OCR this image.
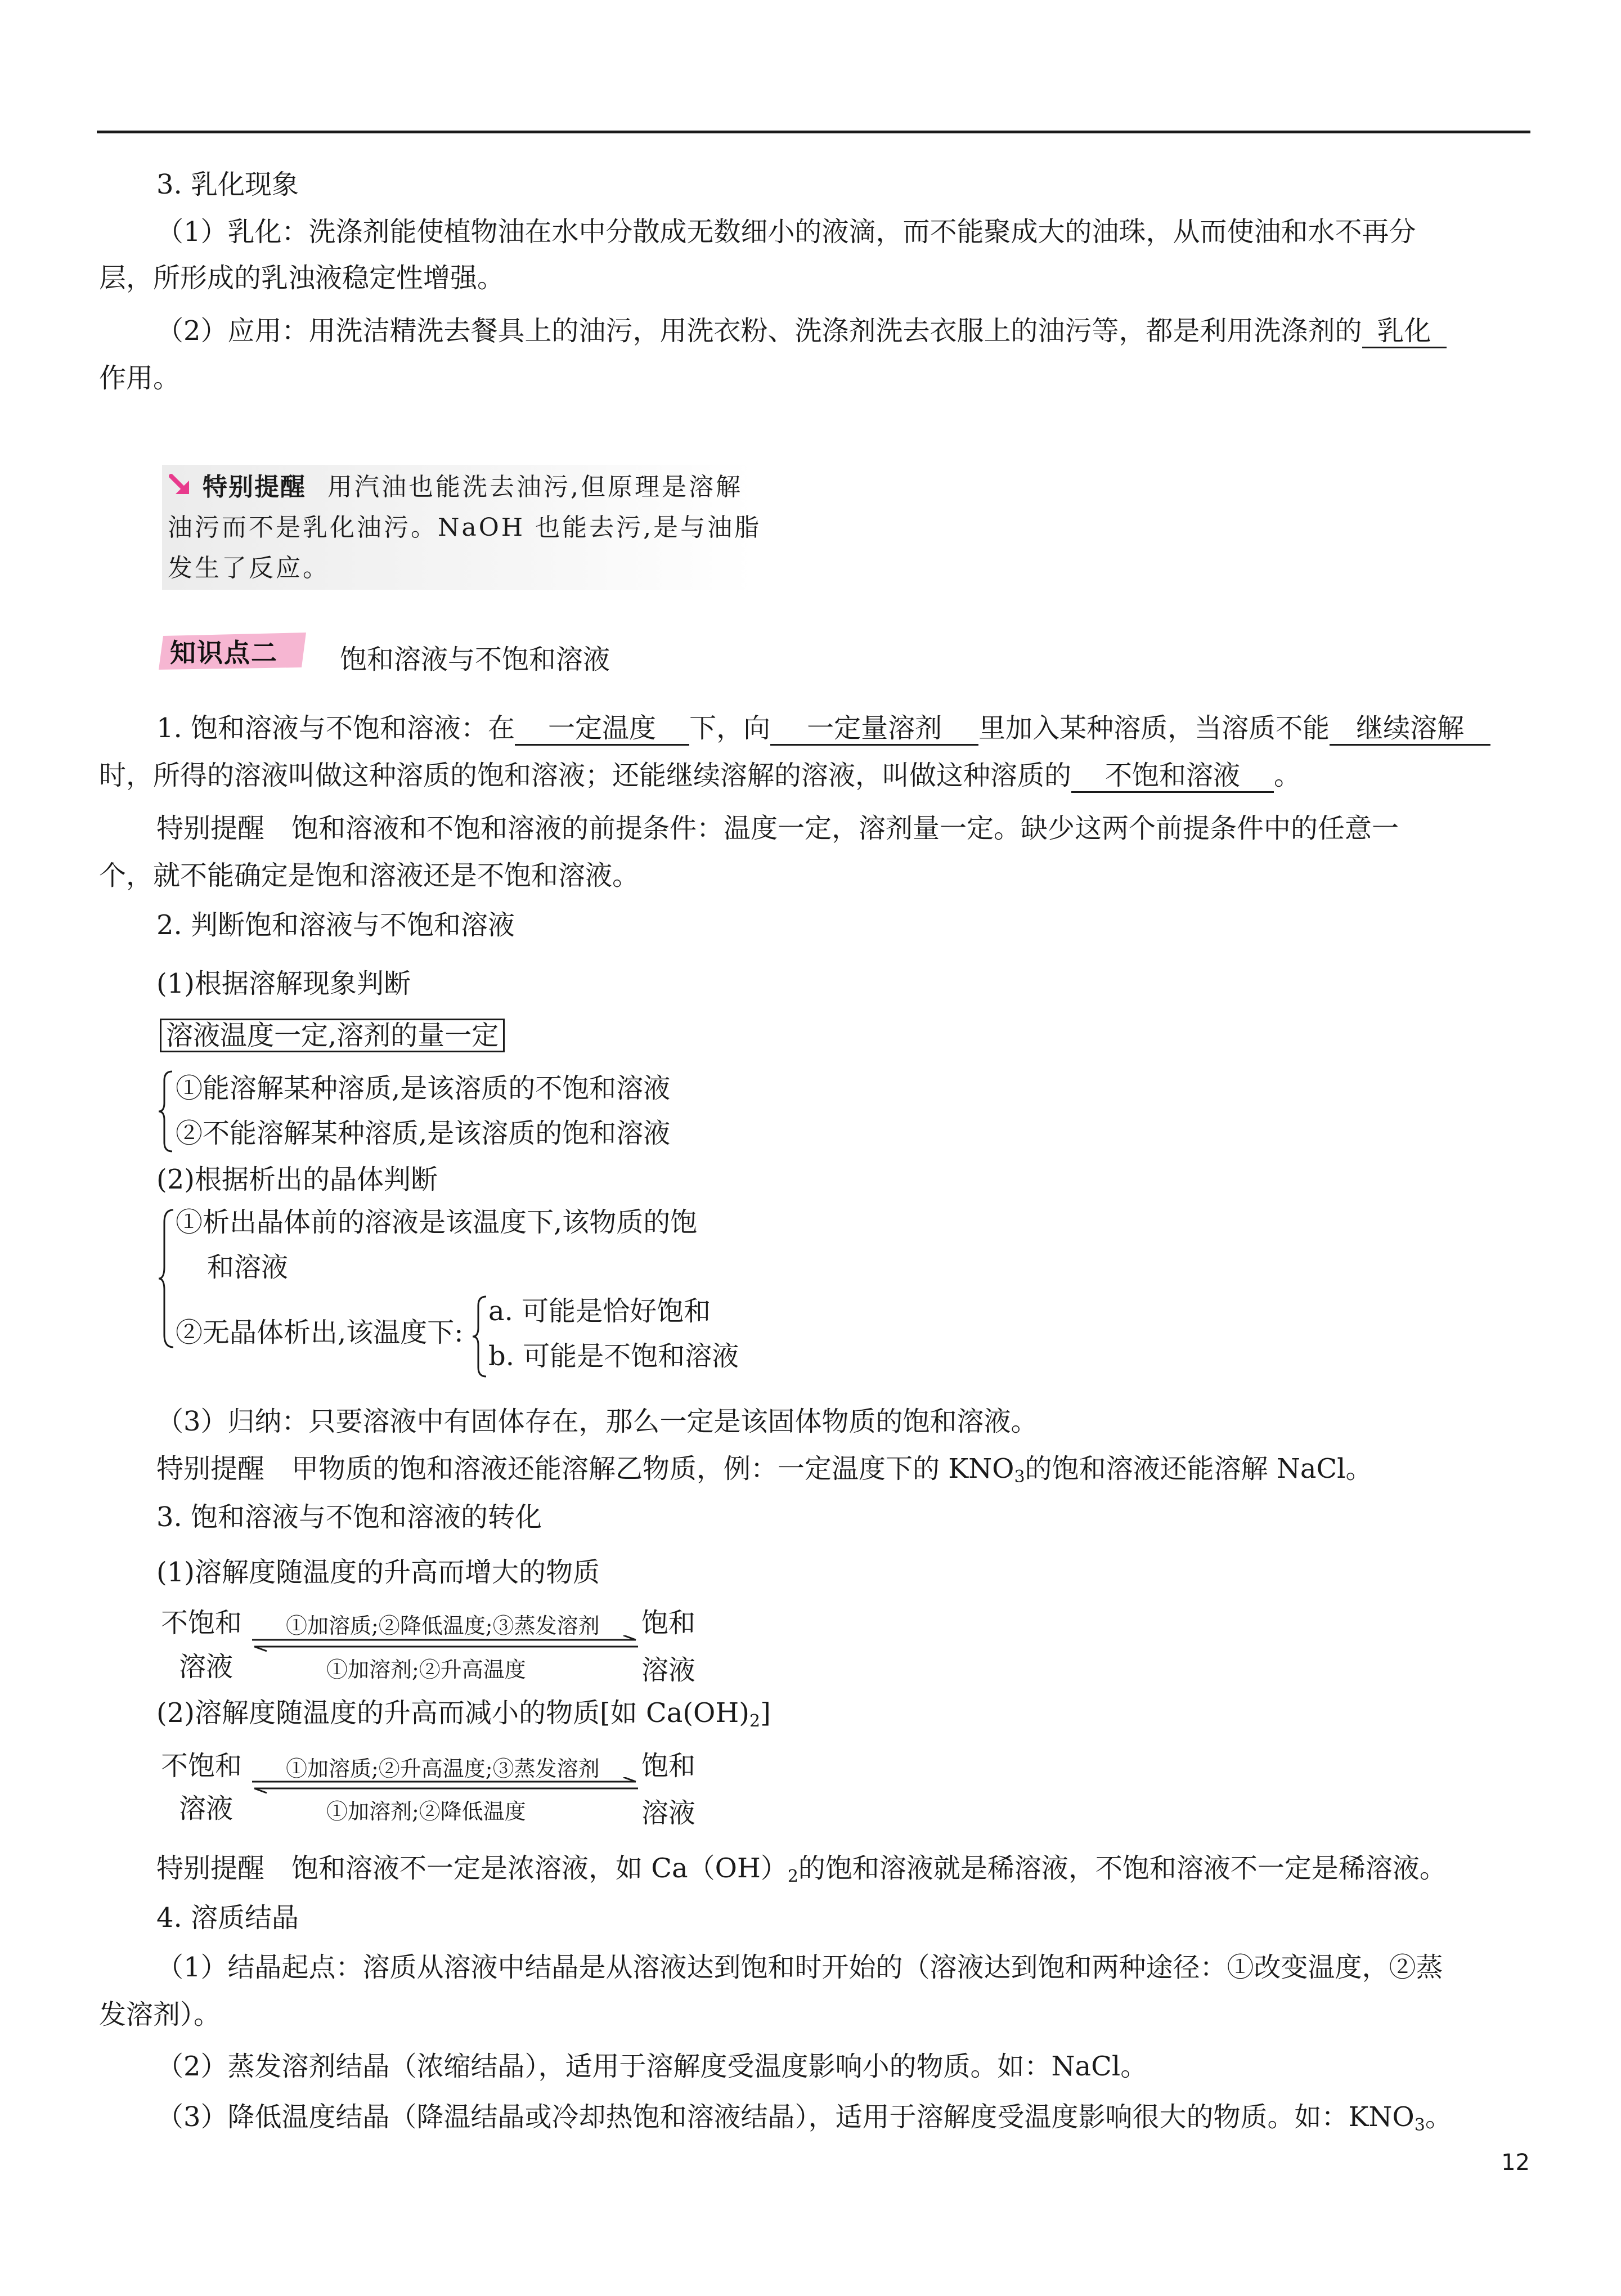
3. 乳化现象
（1）乳化：洗涤剂能使植物油在水中分散成无数细小的液滴，而不能聚成大的油珠，从而使油和水不再分
层，所形成的乳浊液稳定性增强。
（2）应用：用洗洁精洗去餐具上的油污，用洗衣粉、洗涤剂洗去衣服上的油污等，都是利用洗涤剂的 乳化
作用。
特别提醒 用汽油也能洗去油污,但原理是溶解
油污而不是乳化油污。NaOH 也能去污,是与油脂
发生了反应。
知识点二 饱和溶液与不饱和溶液
1. 饱和溶液与不饱和溶液：在 一定温度 下，向 一定量溶剂 里加入某种溶质，当溶质不能 继续溶解
时，所得的溶液叫做这种溶质的饱和溶液；还能继续溶解的溶液，叫做这种溶质的 不饱和溶液 。
特别提醒　饱和溶液和不饱和溶液的前提条件：温度一定，溶剂量一定。缺少这两个前提条件中的任意一
个，就不能确定是饱和溶液还是不饱和溶液。
2. 判断饱和溶液与不饱和溶液
(1)根据溶解现象判断
溶液温度一定,溶剂的量一定
①能溶解某种溶质,是该溶质的不饱和溶液
②不能溶解某种溶质,是该溶质的饱和溶液
(2)根据析出的晶体判断
①析出晶体前的溶液是该温度下,该物质的饱
和溶液
②无晶体析出,该温度下:
a. 可能是恰好饱和
b. 可能是不饱和溶液
（3）归纳：只要溶液中有固体存在，那么一定是该固体物质的饱和溶液。
特别提醒　甲物质的饱和溶液还能溶解乙物质，例：一定温度下的 $KNO_3$的饱和溶液还能溶解 NaCl。
3. 饱和溶液与不饱和溶液的转化
(1)溶解度随温度的升高而增大的物质
不饱和
溶液
①加溶质;②降低温度;③蒸发溶剂
①加溶剂;②升高温度
饱和
溶液
(2)溶解度随温度的升高而减小的物质[如 $Ca(OH)_2$]
不饱和
溶液
①加溶质;②升高温度;③蒸发溶剂
①加溶剂;②降低温度
饱和
溶液
特别提醒　饱和溶液不一定是浓溶液，如 $Ca(OH)_2$的饱和溶液就是稀溶液，不饱和溶液不一定是稀溶液。
4. 溶质结晶
（1）结晶起点：溶质从溶液中结晶是从溶液达到饱和时开始的（溶液达到饱和两种途径：①改变温度，②蒸
发溶剂）。
（2）蒸发溶剂结晶（浓缩结晶），适用于溶解度受温度影响小的物质。如：NaCl。
（3）降低温度结晶（降温结晶或冷却热饱和溶液结晶），适用于溶解度受温度影响很大的物质。如：$KNO_3$。
12
